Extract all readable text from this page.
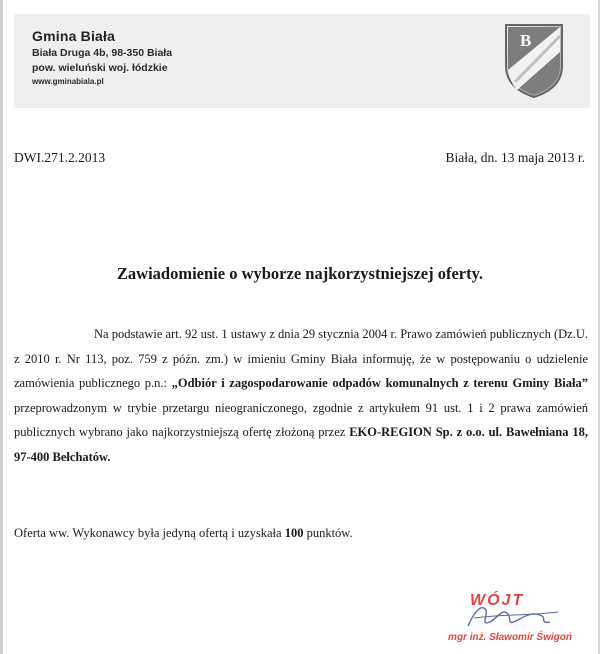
Gmina Biała
Biała Druga 4b, 98-350 Biała
pow. wieluński woj. łódzkie
www.gminabiala.pl
B
DWI.271.2.2013	Biała, dn. 13 maja 2013 r.
Zawiadomienie o wyborze najkorzystniejszej oferty.
Na podstawie art. 92 ust. 1 ustawy z dnia 29 stycznia 2004 r. Prawo zamówień publicznych (Dz.U. z 2010 r. Nr 113, poz. 759 z późn. zm.) w imieniu Gminy Biała informuję, że w postępowaniu o udzielenie zamówienia publicznego p.n.: „Odbiór i zagospodarowanie odpadów komunalnych z terenu Gminy Biała” przeprowadzonym w trybie przetargu nieograniczonego, zgodnie z artykułem 91 ust. 1 i 2 prawa zamówień publicznych wybrano jako najkorzystniejszą ofertę złożoną przez EKO-REGION Sp. z o.o. ul. Bawełniana 18, 97-400 Bełchatów.
Oferta ww. Wykonawcy była jedyną ofertą i uzyskała 100 punktów.
WÓJT
mgr inż. Sławomir Świgoń
